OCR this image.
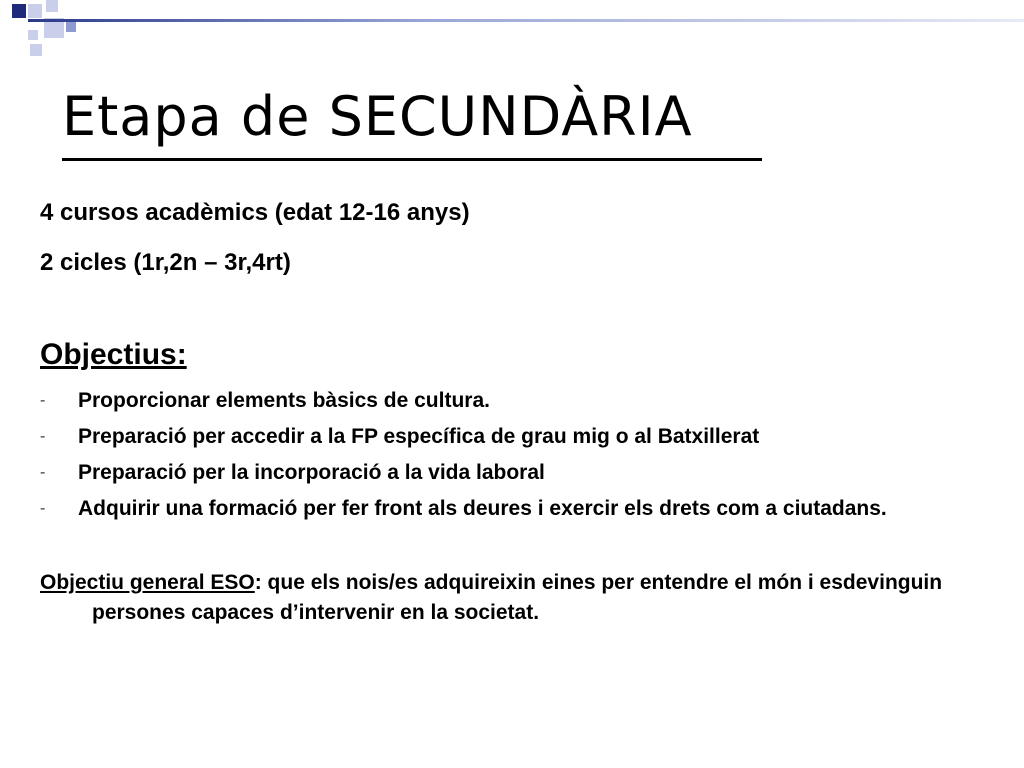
Etapa de SECUNDÀRIA

4 cursos acadèmics (edat 12-16 anys)

2 cicles (1r,2n – 3r,4rt)

Objectius:

- Proporcionar elements bàsics de cultura.
- Preparació per accedir a la FP específica de grau mig o al Batxillerat
- Preparació per la incorporació a la vida laboral
- Adquirir una formació per fer front als deures i exercir els drets com a ciutadans.

Objectiu general ESO: que els nois/es adquireixin eines per entendre el món i esdevinguin persones capaces d’intervenir en la societat.
